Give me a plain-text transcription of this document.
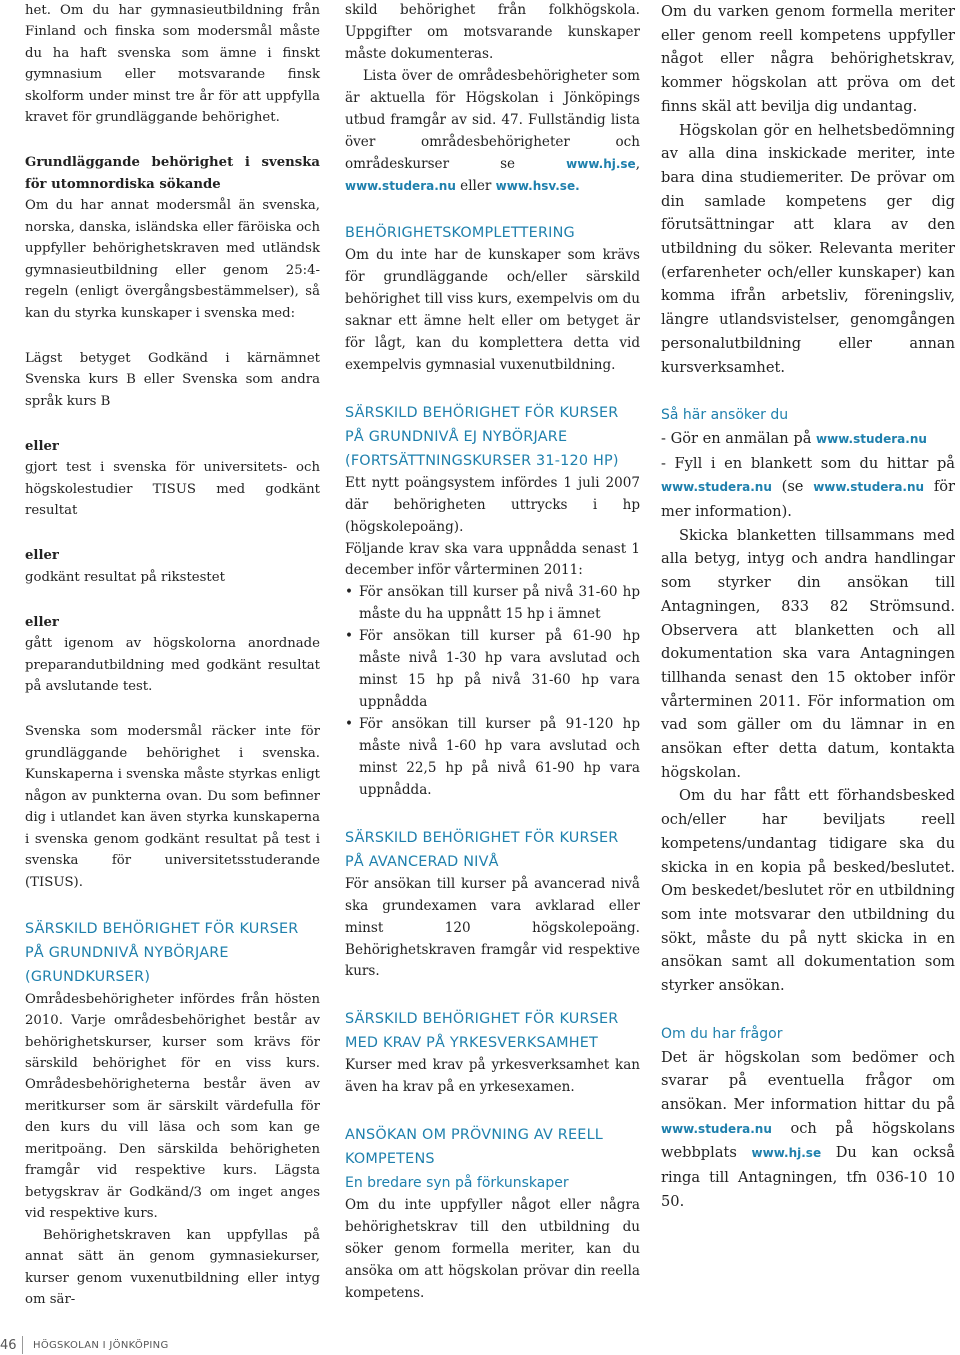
het. Om du har gymnasieutbildning från Finland och finska som modersmål måste du ha haft svenska som ämne i finskt gymnasium eller motsvarande finsk skolform under minst tre år för att uppfylla kravet för grundläggande behörighet.

Grundläggande behörighet i svenska för utomnordiska sökande

Om du har annat modersmål än svenska, norska, danska, isländska eller färöiska och uppfyller behörighetskraven med utländsk gymnasieutbildning eller genom 25:4-regeln (enligt övergångsbestämmelser), så kan du styrka kunskaper i svenska med:

Lägst betyget Godkänd i kärnämnet Svenska kurs B eller Svenska som andra språk kurs B

eller

gjort test i svenska för universitets- och högskolestudier TISUS med godkänt resultat

eller

godkänt resultat på rikstestet

eller

gått igenom av högskolorna anordnade preparandutbildning med godkänt resultat på avslutande test.

Svenska som modersmål räcker inte för grundläggande behörighet i svenska. Kunskaperna i svenska måste styrkas enligt någon av punkterna ovan. Du som befinner dig i utlandet kan även styrka kunskaperna i svenska genom godkänt resultat på test i svenska för universitetsstuderande (TISUS).

SÄRSKILD BEHÖRIGHET FÖR KURSER PÅ GRUNDNIVÅ NYBÖRJARE (GRUNDKURSER)

Områdesbehörigheter infördes från hösten 2010. Varje områdesbehörighet består av behörighetskurser, kurser som krävs för särskild behörighet för en viss kurs. Områdesbehörigheterna består även av meritkurser som är särskilt värdefulla för den kurs du vill läsa och som kan ge meritpoäng. Den särskilda behörigheten framgår vid respektive kurs. Lägsta betygskrav är Godkänd/3 om inget anges vid respektive kurs.

Behörighetskraven kan uppfyllas på annat sätt än genom gymnasiekurser, kurser genom vuxenutbildning eller intyg om sär-

skild behörighet från folkhögskola. Uppgifter om motsvarande kunskaper måste dokumenteras.

Lista över de områdesbehörigheter som är aktuella för Högskolan i Jönköpings utbud framgår av sid. 47. Fullständig lista över områdesbehörigheter och områdeskurser se	www.hj.se, www.studera.nu eller www.hsv.se.

BEHÖRIGHETSKOMPLETTERING

Om du inte har de kunskaper som krävs för grundläggande och/eller särskild behörighet till viss kurs, exempelvis om du saknar ett ämne helt eller om betyget är för lågt, kan du komplettera detta vid exempelvis gymnasial vuxenutbildning.

SÄRSKILD BEHÖRIGHET FÖR KURSER PÅ GRUNDNIVÅ EJ NYBÖRJARE (FORTSÄTTNINGSKURSER 31-120 HP)

Ett nytt poängsystem infördes 1 juli 2007 där behörigheten uttrycks i hp (högskolepoäng).

Följande krav ska vara uppnådda senast 1 december inför vårterminen 2011:

• För ansökan till kurser på nivå 31-60 hp måste du ha uppnått 15 hp i ämnet
• För ansökan till kurser på 61-90 hp måste nivå 1-30 hp vara avslutad och minst 15 hp på nivå 31-60 hp vara uppnådda
• För ansökan till kurser på 91-120 hp måste nivå 1-60 hp vara avslutad och minst 22,5 hp på nivå 61-90 hp vara uppnådda.
SÄRSKILD BEHÖRIGHET FÖR KURSER PÅ AVANCERAD NIVÅ

För ansökan till kurser på avancerad nivå ska grundexamen vara avklarad eller minst 120 högskolepoäng. Behörighetskraven framgår vid respektive kurs.

SÄRSKILD BEHÖRIGHET FÖR KURSER MED KRAV PÅ YRKESVERKSAMHET

Kurser med krav på yrkesverksamhet kan även ha krav på en yrkesexamen.

ANSÖKAN OM PRÖVNING AV REELL KOMPETENS

En bredare syn på förkunskaper

Om du inte uppfyller något eller några behörighetskrav till den utbildning du söker genom formella meriter, kan du ansöka om att högskolan prövar din reella kompetens.

Om du varken genom formella meriter eller genom reell kompetens uppfyller något eller några behörighetskrav, kommer högskolan att pröva om det finns skäl att bevilja dig undantag.

Högskolan gör en helhetsbedömning av alla dina inskickade meriter, inte bara dina studiemeriter. De prövar om din samlade kompetens ger dig förutsättningar att klara av den utbildning du söker. Relevanta meriter (erfarenheter och/eller kunskaper) kan komma ifrån arbetsliv, föreningsliv, längre utlandsvistelser, genomgången personalutbildning eller annan kursverksamhet.

Så här ansöker du

- Gör en anmälan på www.studera.nu

- Fyll i en blankett som du hittar på www.studera.nu (se www.studera.nu för mer information).

Skicka blanketten tillsammans med alla betyg, intyg och andra handlingar som styrker din ansökan till Antagningen, 833 82 Strömsund. Observera att blanketten och all dokumentation ska vara Antagningen tillhanda senast den 15 oktober inför vårterminen 2011. För information om vad som gäller om du lämnar in en ansökan efter detta datum, kontakta högskolan.

Om du har fått ett förhandsbesked och/eller har beviljats reell kompetens/undantag tidigare ska du skicka in en kopia på besked/beslutet. Om beskedet/beslutet rör en utbildning som inte motsvarar den utbildning du sökt, måste du på nytt skicka in en ansökan samt all dokumentation som styrker ansökan.

Om du har frågor

Det är högskolan som bedömer och svarar på eventuella frågor om ansökan. Mer information hittar du på www.studera.nu och på högskolans webbplats www.hj.se Du kan också ringa till Antagningen, tfn 036-10 10 50.

46 HÖGSKOLAN I JÖNKÖPING
